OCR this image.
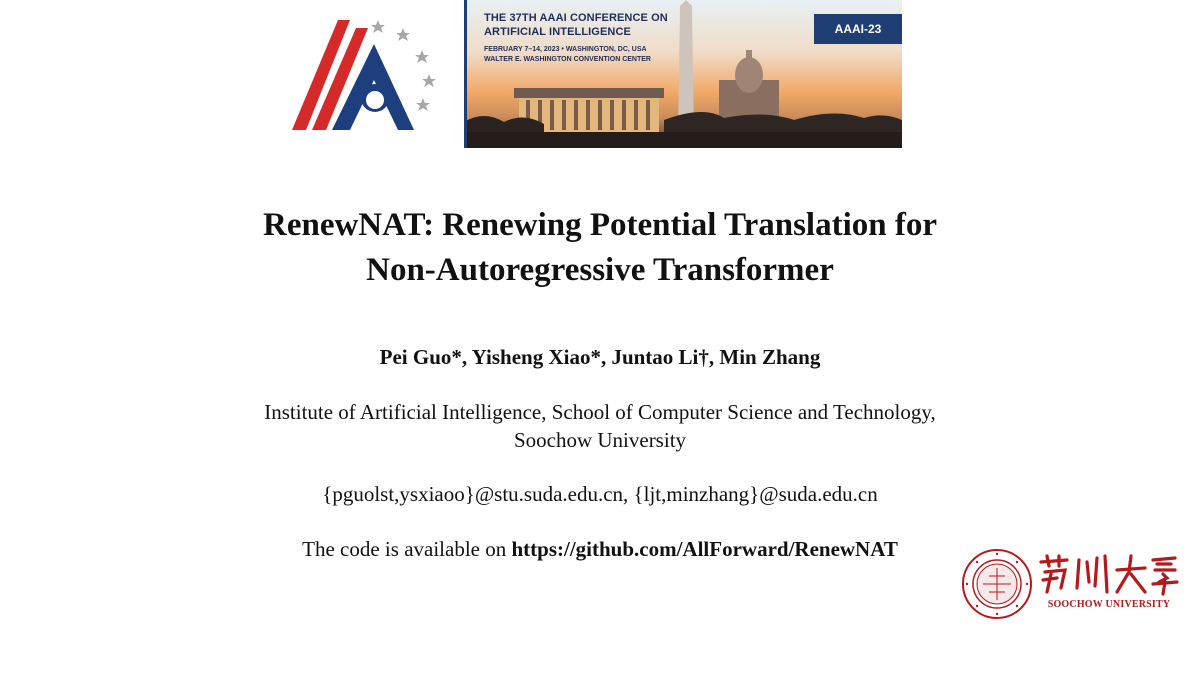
THE 37TH AAAI CONFERENCE ON
ARTIFICIAL INTELLIGENCE
FEBRUARY 7–14, 2023 • WASHINGTON, DC, USA
WALTER E. WASHINGTON CONVENTION CENTER
AAAI-23
RenewNAT: Renewing Potential Translation for
Non-Autoregressive Transformer
Pei Guo*, Yisheng Xiao*, Juntao Li†, Min Zhang
Institute of Artificial Intelligence, School of Computer Science and Technology,
Soochow University
{pguolst,ysxiaoo}@stu.suda.edu.cn, {ljt,minzhang}@suda.edu.cn
The code is available on https://github.com/AllForward/RenewNAT
SOOCHOW UNIVERSITY
